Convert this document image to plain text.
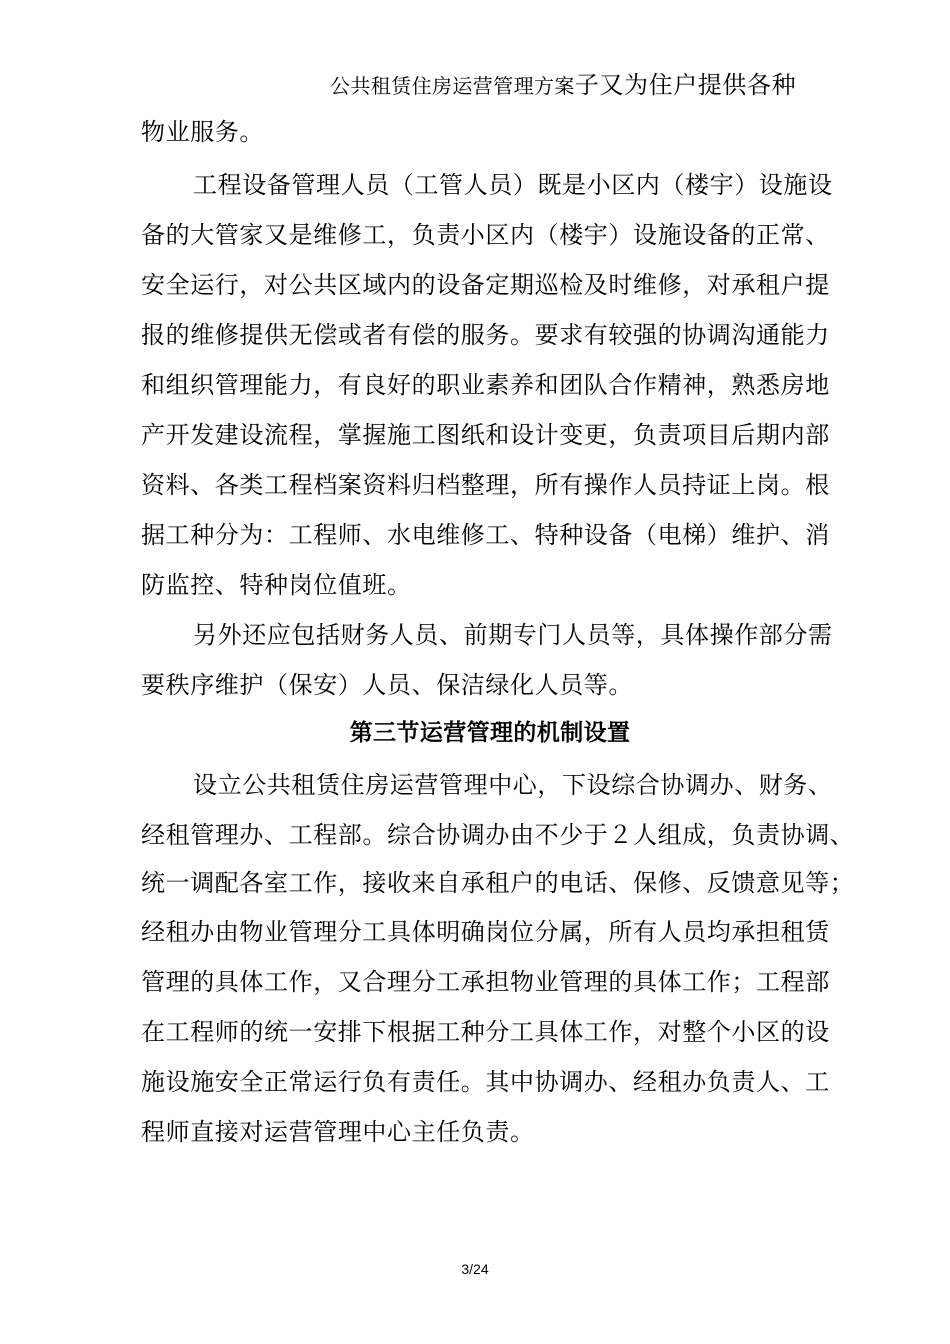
公共租赁住房运营管理方案子又为住户提供各种
物业服务。
工程设备管理人员（工管人员）既是小区内（楼宇）设施设
备的大管家又是维修工，负责小区内（楼宇）设施设备的正常、
安全运行，对公共区域内的设备定期巡检及时维修，对承租户提
报的维修提供无偿或者有偿的服务。要求有较强的协调沟通能力
和组织管理能力，有良好的职业素养和团队合作精神，熟悉房地
产开发建设流程，掌握施工图纸和设计变更，负责项目后期内部
资料、各类工程档案资料归档整理，所有操作人员持证上岗。根
据工种分为：工程师、水电维修工、特种设备（电梯）维护、消
防监控、特种岗位值班。
另外还应包括财务人员、前期专门人员等，具体操作部分需
要秩序维护（保安）人员、保洁绿化人员等。
第三节运营管理的机制设置
设立公共租赁住房运营管理中心，下设综合协调办、财务、
经租管理办、工程部。综合协调办由不少于２人组成，负责协调、
统一调配各室工作，接收来自承租户的电话、保修、反馈意见等；
经租办由物业管理分工具体明确岗位分属，所有人员均承担租赁
管理的具体工作，又合理分工承担物业管理的具体工作；工程部
在工程师的统一安排下根据工种分工具体工作，对整个小区的设
施设施安全正常运行负有责任。其中协调办、经租办负责人、工
程师直接对运营管理中心主任负责。
3/24
